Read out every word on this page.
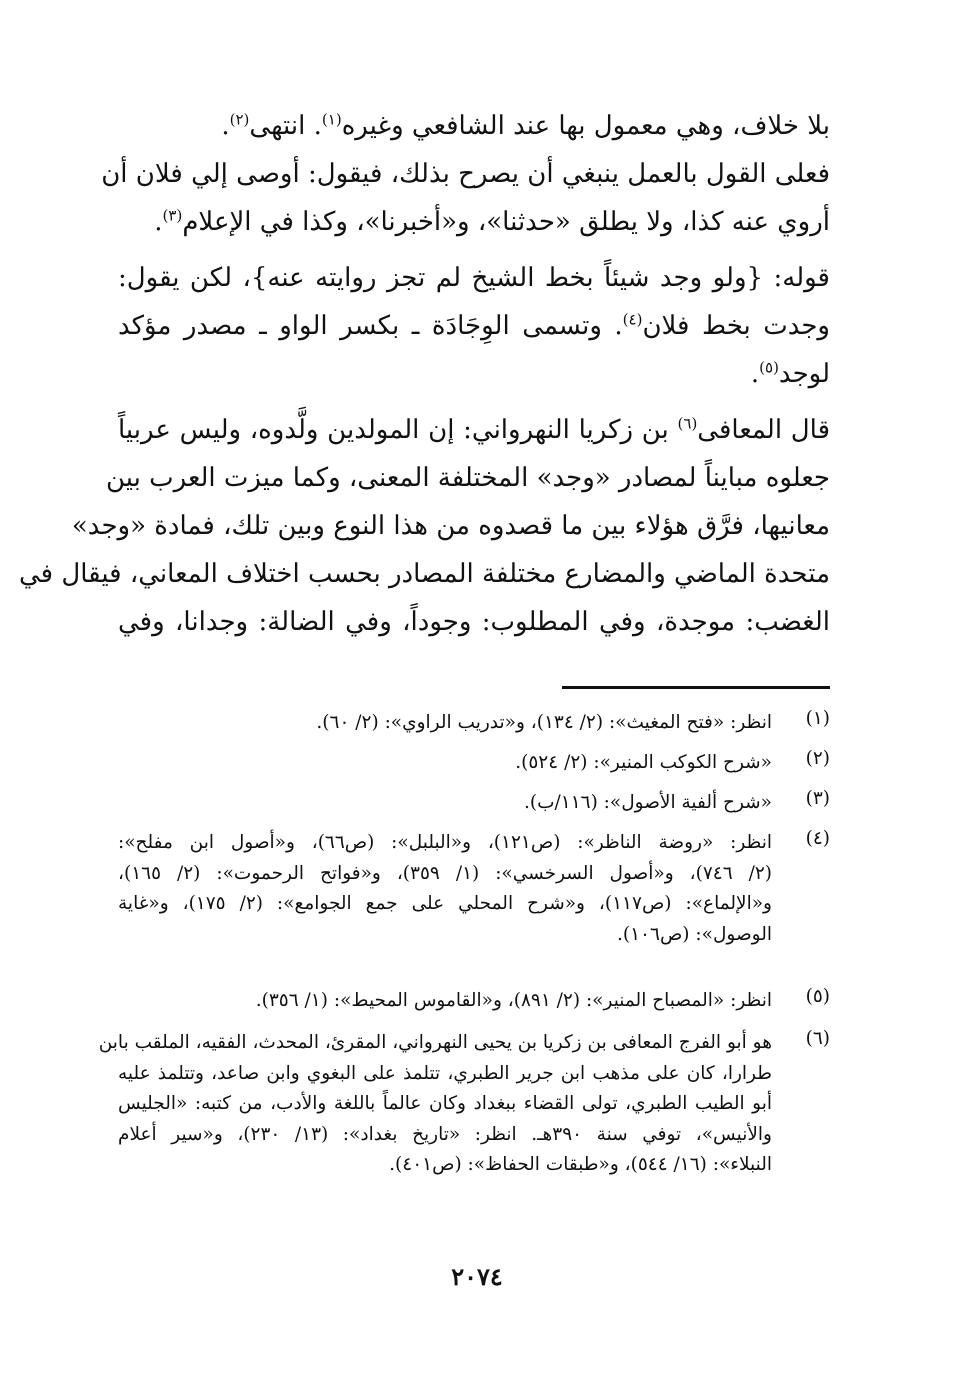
بلا خلاف، وهي معمول بها عند الشافعي وغيره$^{(١)}$. انتهى$^{(٢)}$.
فعلى القول بالعمل ينبغي أن يصرح بذلك، فيقول: أوصى إلي فلان أن
أروي عنه كذا، ولا يطلق «حدثنا»، و«أخبرنا»، وكذا في الإعلام$^{(٣)}$.
قوله: {ولو وجد شيئاً بخط الشيخ لم تجز روايته عنه}، لكن يقول:
وجدت بخط فلان$^{(٤)}$. وتسمى الوِجَادَة ـ بكسر الواو ـ مصدر مؤكد
لوجد$^{(٥)}$.
قال المعافى$^{(٦)}$ بن زكريا النهرواني: إن المولدين ولَّدوه، وليس عربياً
جعلوه مبايناً لمصادر «وجد» المختلفة المعنى، وكما ميزت العرب بين
معانيها، فرَّق هؤلاء بين ما قصدوه من هذا النوع وبين تلك، فمادة «وجد»
متحدة الماضي والمضارع مختلفة المصادر بحسب اختلاف المعاني، فيقال في
الغضب: موجدة، وفي المطلوب: وجوداً، وفي الضالة: وجدانا، وفي
(١)
انظر: «فتح المغيث»: (٢/ ١٣٤)، و«تدريب الراوي»: (٢/ ٦٠).
(٢)
«شرح الكوكب المنير»: (٢/ ٥٢٤).
(٣)
«شرح ألفية الأصول»: (١١٦/ب).
(٤)
انظر: «روضة الناظر»: (ص١٢١)، و«البلبل»: (ص٦٦)، و«أصول ابن مفلح»:
(٢/ ٧٤٦)، و«أصول السرخسي»: (١/ ٣٥٩)، و«فواتح الرحموت»: (٢/ ١٦٥)،
و«الإلماع»: (ص١١٧)، و«شرح المحلي على جمع الجوامع»: (٢/ ١٧٥)، و«غاية
الوصول»: (ص١٠٦).
(٥)
انظر: «المصباح المنير»: (٢/ ٨٩١)، و«القاموس المحيط»: (١/ ٣٥٦).
(٦)
هو أبو الفرج المعافى بن زكريا بن يحيى النهرواني، المقرئ، المحدث، الفقيه، الملقب بابن
طرارا، كان على مذهب ابن جرير الطبري، تتلمذ على البغوي وابن صاعد، وتتلمذ عليه
أبو الطيب الطبري، تولى القضاء ببغداد وكان عالماً باللغة والأدب، من كتبه: «الجليس
والأنيس»، توفي سنة ٣٩٠هـ. انظر: «تاريخ بغداد»: (١٣/ ٢٣٠)، و«سير أعلام
النبلاء»: (١٦/ ٥٤٤)، و«طبقات الحفاظ»: (ص٤٠١).
٢٠٧٤
